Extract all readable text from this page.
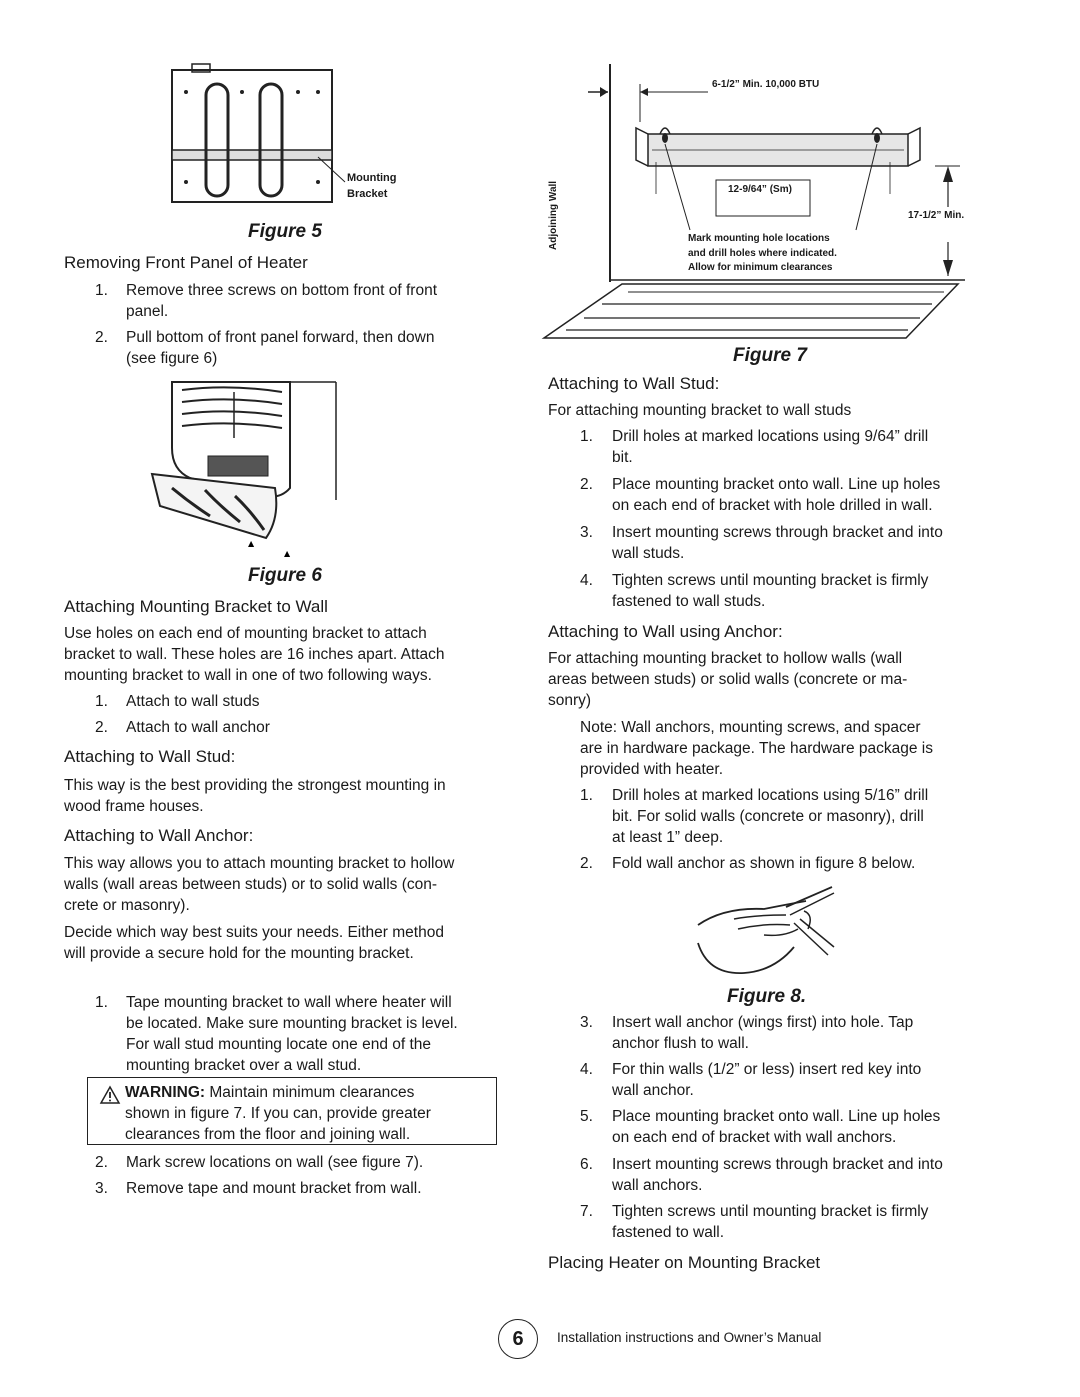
Mounting
Bracket
Figure 5
Removing Front Panel of Heater
1. Remove three screws on bottom front of front
panel.
2. Pull bottom of front panel forward, then down
(see figure 6)
▲
▲
Figure 6
Attaching Mounting Bracket to Wall
Use holes on each end of mounting bracket to attach
bracket to wall. These holes are 16 inches apart. Attach
mounting bracket to wall in one of two following ways.
1. Attach to wall studs
2. Attach to wall anchor
Attaching to Wall Stud:
This way is the best providing the strongest mounting in
wood frame houses.
Attaching to Wall Anchor:
This way allows you to attach mounting bracket to hollow
walls (wall areas between studs) or to solid walls (con-
crete or masonry).
Decide which way best suits your needs. Either method
will provide a secure hold for the mounting bracket.
1. Tape mounting bracket to wall where heater will
be located. Make sure mounting bracket is level.
For wall stud mounting locate one end of the
mounting bracket over a wall stud.
WARNING: Maintain minimum clearances
shown in figure 7. If you can, provide greater
clearances from the floor and joining wall.
2. Mark screw locations on wall (see figure 7).
3. Remove tape and mount bracket from wall.
6-1/2” Min. 10,000 BTU
12-9/64” (Sm)
17-1/2” Min.
Adjoining Wall	Mark mounting hole locations
and drill holes where indicated.
Allow for minimum clearances
Figure 7
Attaching to Wall Stud:
For attaching mounting bracket to wall studs
1. Drill holes at marked locations using 9/64” drill
bit.
2. Place mounting bracket onto wall. Line up holes
on each end of bracket with hole drilled in wall.
3. Insert mounting screws through bracket and into
wall studs.
4. Tighten screws until mounting bracket is firmly
fastened to wall studs.
Attaching to Wall using Anchor:
For attaching mounting bracket to hollow walls (wall
areas between studs) or solid walls (concrete or ma-
sonry)
Note: Wall anchors, mounting screws, and spacer
are in hardware package. The hardware package is
provided with heater.
1. Drill holes at marked locations using 5/16” drill
bit. For solid walls (concrete or masonry), drill
at least 1” deep.
2. Fold wall anchor as shown in figure 8 below.
Figure 8.
3. Insert wall anchor (wings first) into hole. Tap
anchor flush to wall.
4. For thin walls (1/2” or less) insert red key into
wall anchor.
5. Place mounting bracket onto wall. Line up holes
on each end of bracket with wall anchors.
6. Insert mounting screws through bracket and into
wall anchors.
7. Tighten screws until mounting bracket is firmly
fastened to wall.
Placing Heater on Mounting Bracket
6	Installation instructions and Owner’s Manual
